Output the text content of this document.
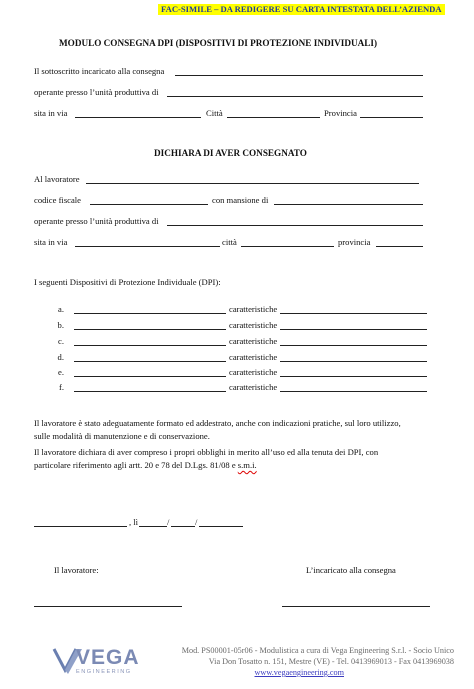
FAC-SIMILE – DA REDIGERE SU CARTA INTESTATA DELL’AZIENDA
MODULO CONSEGNA DPI (DISPOSITIVI DI PROTEZIONE INDIVIDUALI)
Il sottoscritto incaricato alla consegna
operante presso l’unità produttiva di
sita in via	Città	Provincia
DICHIARA DI AVER CONSEGNATO
Al lavoratore
codice fiscale	con mansione di
operante presso l’unità produttiva di
sita in via	città	provincia
I seguenti Dispositivi di Protezione Individuale (DPI):
a.	caratteristiche
b.	caratteristiche
c.	caratteristiche
d.	caratteristiche
e.	caratteristiche
f.	caratteristiche
Il lavoratore è stato adeguatamente formato ed addestrato, anche con indicazioni pratiche, sul loro utilizzo,
sulle modalità di manutenzione e di conservazione.
Il lavoratore dichiara di aver compreso i propri obblighi in merito all’uso ed alla tenuta dei DPI, con
particolare riferimento agli artt. 20 e 78 del D.Lgs. 81/08 e s.m.i.
, lì	/	/
Il lavoratore:	L’incaricato alla consegna
VEGA
ENGINEERING
Mod. PS00001-05r06 - Modulistica a cura di Vega Engineering S.r.l. - Socio Unico
Via Don Tosatto n. 151, Mestre (VE) - Tel. 0413969013 - Fax 0413969038
www.vegaengineering.com
